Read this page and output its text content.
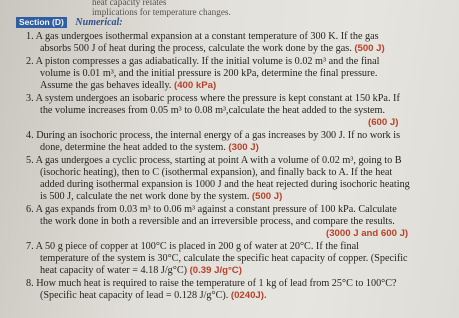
heat capacity relates
implications for temperature changes.
Section (D) Numerical:
1. A gas undergoes isothermal expansion at a constant temperature of 300 K. If the gas
absorbs 500 J of heat during the process, calculate the work done by the gas. (500 J)
2. A piston compresses a gas adiabatically. If the initial volume is 0.02 m³ and the final
volume is 0.01 m³, and the initial pressure is 200 kPa, determine the final pressure.
Assume the gas behaves ideally. (400 kPa)
3. A system undergoes an isobaric process where the pressure is kept constant at 150 kPa. If
the volume increases from 0.05 m³ to 0.08 m³,calculate the heat added to the system.
(600 J)
4. During an isochoric process, the internal energy of a gas increases by 300 J. If no work is
done, determine the heat added to the system. (300 J)
5. A gas undergoes a cyclic process, starting at point A with a volume of 0.02 m³, going to B
(isochoric heating), then to C (isothermal expansion), and finally back to A. If the heat
added during isothermal expansion is 1000 J and the heat rejected during isochoric heating
is 500 J, calculate the net work done by the system. (500 J)
6. A gas expands from 0.03 m³ to 0.06 m³ against a constant pressure of 100 kPa. Calculate
the work done in both a reversible and an irreversible process, and compare the results.
(3000 J and 600 J)
7. A 50 g piece of copper at 100°C is placed in 200 g of water at 20°C. If the final
temperature of the system is 30°C, calculate the specific heat capacity of copper. (Specific
heat capacity of water = 4.18 J/g°C) (0.39 J/g°C)
8. How much heat is required to raise the temperature of 1 kg of lead from 25°C to 100°C?
(Specific heat capacity of lead = 0.128 J/g°C). (0240J).
